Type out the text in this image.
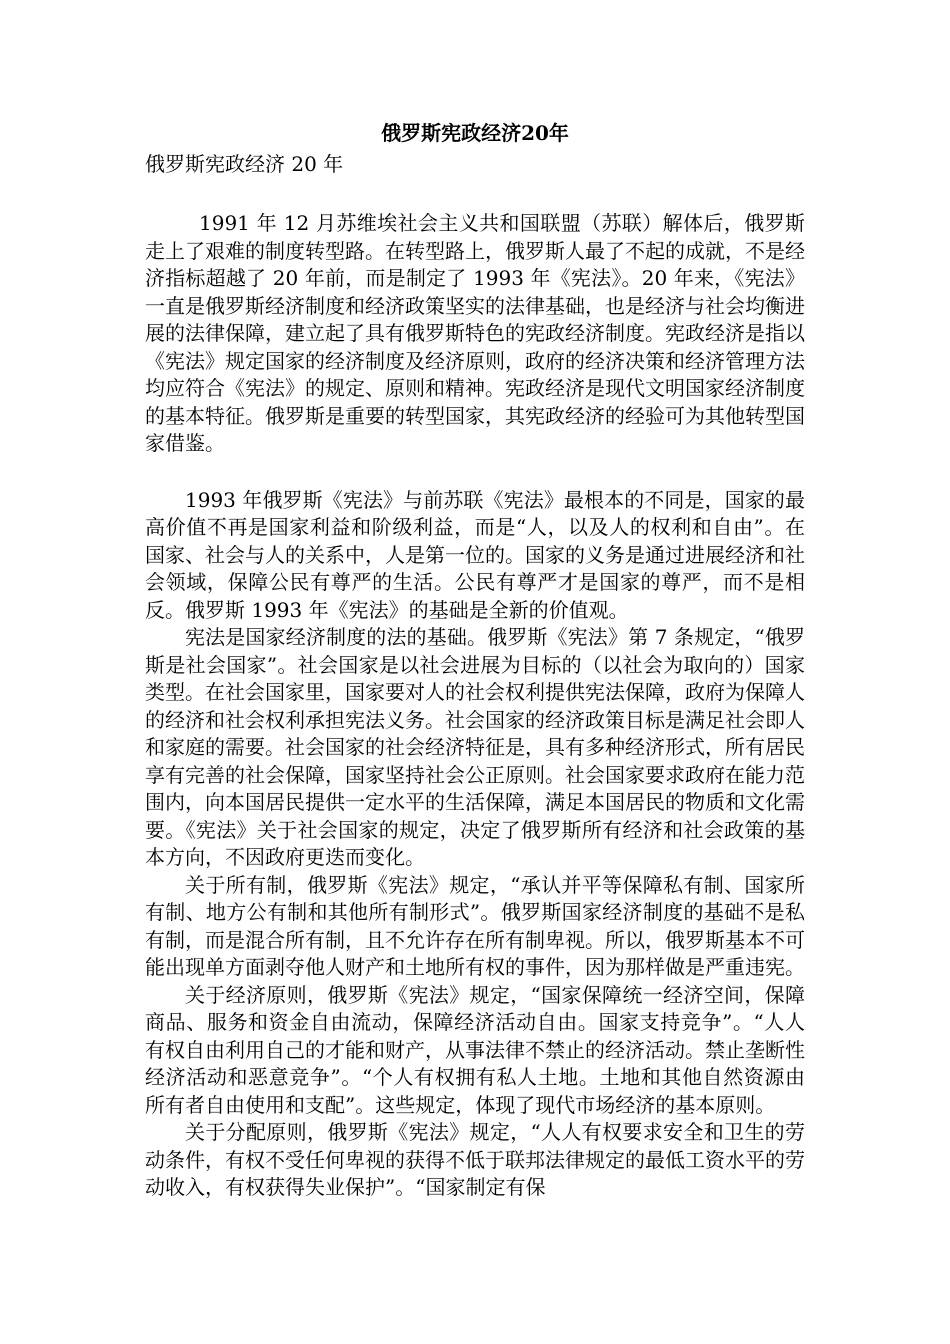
俄罗斯宪政经济20年
俄罗斯宪政经济 20 年

1991 年 12 月苏维埃社会主义共和国联盟（苏联）解体后，俄罗斯走上了艰难的制度转型路。在转型路上，俄罗斯人最了不起的成就，不是经济指标超越了 20 年前，而是制定了 1993 年《宪法》。20 年来，《宪法》一直是俄罗斯经济制度和经济政策坚实的法律基础，也是经济与社会均衡进展的法律保障，建立起了具有俄罗斯特色的宪政经济制度。宪政经济是指以《宪法》规定国家的经济制度及经济原则，政府的经济决策和经济管理方法均应符合《宪法》的规定、原则和精神。宪政经济是现代文明国家经济制度的基本特征。俄罗斯是重要的转型国家，其宪政经济的经验可为其他转型国家借鉴。

1993 年俄罗斯《宪法》与前苏联《宪法》最根本的不同是，国家的最高价值不再是国家利益和阶级利益，而是“人，以及人的权利和自由”。在国家、社会与人的关系中，人是第一位的。国家的义务是通过进展经济和社会领域，保障公民有尊严的生活。公民有尊严才是国家的尊严，而不是相反。俄罗斯 1993 年《宪法》的基础是全新的价值观。

宪法是国家经济制度的法的基础。俄罗斯《宪法》第 7 条规定，“俄罗斯是社会国家”。社会国家是以社会进展为目标的（以社会为取向的）国家类型。在社会国家里，国家要对人的社会权利提供宪法保障，政府为保障人的经济和社会权利承担宪法义务。社会国家的经济政策目标是满足社会即人和家庭的需要。社会国家的社会经济特征是，具有多种经济形式，所有居民享有完善的社会保障，国家坚持社会公正原则。社会国家要求政府在能力范围内，向本国居民提供一定水平的生活保障，满足本国居民的物质和文化需要。《宪法》关于社会国家的规定，决定了俄罗斯所有经济和社会政策的基本方向，不因政府更迭而变化。

关于所有制，俄罗斯《宪法》规定，“承认并平等保障私有制、国家所有制、地方公有制和其他所有制形式”。俄罗斯国家经济制度的基础不是私有制，而是混合所有制，且不允许存在所有制卑视。所以，俄罗斯基本不可能出现单方面剥夺他人财产和土地所有权的事件，因为那样做是严重违宪。

关于经济原则，俄罗斯《宪法》规定，“国家保障统一经济空间，保障商品、服务和资金自由流动，保障经济活动自由。国家支持竞争”。“人人有权自由利用自己的才能和财产，从事法律不禁止的经济活动。禁止垄断性经济活动和恶意竞争”。“个人有权拥有私人土地。土地和其他自然资源由所有者自由使用和支配”。这些规定，体现了现代市场经济的基本原则。

关于分配原则，俄罗斯《宪法》规定，“人人有权要求安全和卫生的劳动条件，有权不受任何卑视的获得不低于联邦法律规定的最低工资水平的劳动收入，有权获得失业保护”。“国家制定有保
